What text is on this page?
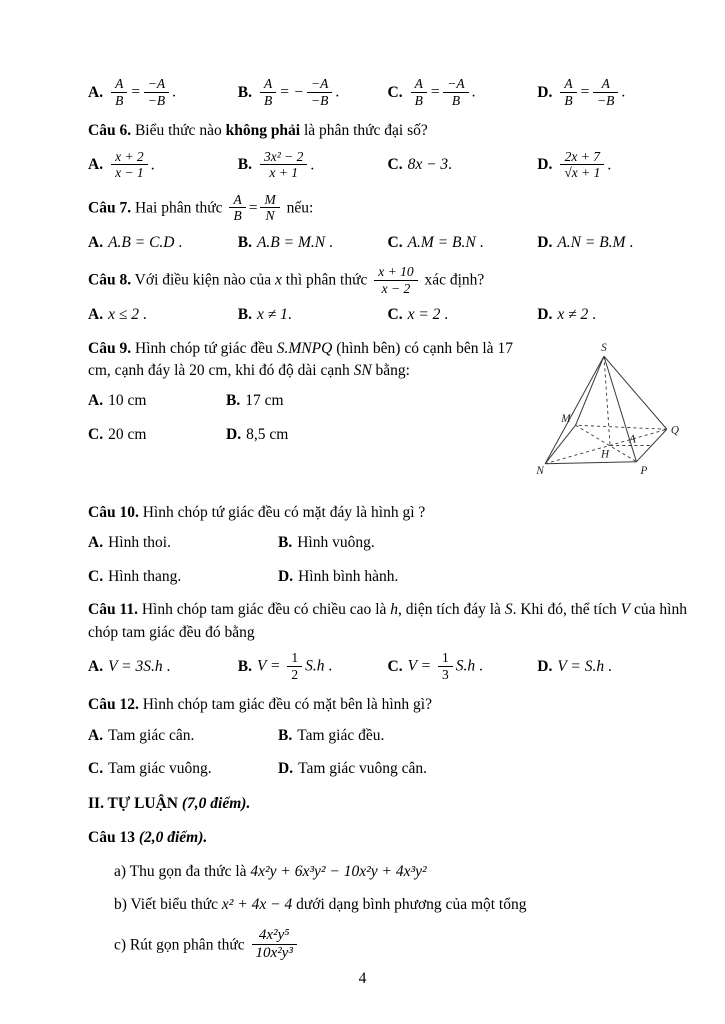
A. $\frac{A}{B} = \frac{-A}{-B}$ .	B. $\frac{A}{B}$ = − $\frac{-A}{-B}$ .	C. $\frac{A}{B} = \frac{-A}{B}$ .	D. $\frac{A}{B} = \frac{A}{-B}$ .
Câu 6. Biểu thức nào không phải là phân thức đại số?
A. $\frac{x + 2}{x - 1}$ .	B. $\frac{\text{3x² − 2}}{x + 1}$ .	C. 8x − 3.	D. $\frac{2x + 7}{√x + 1}$ .
Câu 7. Hai phân thức $\frac{A}{B} = \frac{M}{N}$ nếu:
A. A.B = C.D .	B. A.B = M.N .	C. A.M = B.N .	D. A.N = B.M .
Câu 8. Với điều kiện nào của x thì phân thức $\frac{x + 10}{x - 2}$ xác định?
A. x ≤ 2 .	B. x ≠ 1.	C. x = 2 .	D. x ≠ 2 .
S
M
Q
N	P
H
A
Câu 9. Hình chóp tứ giác đều S.MNPQ (hình bên) có cạnh bên là 17 cm, cạnh đáy là 20 cm, khi đó độ dài cạnh SN bằng:
A. 10 cm	B. 17 cm
C. 20 cm	D. 8,5 cm
Câu 10. Hình chóp tứ giác đều có mặt đáy là hình gì ?
A. Hình thoi.	B. Hình vuông.
C. Hình thang.	D. Hình bình hành.
Câu 11. Hình chóp tam giác đều có chiều cao là h, diện tích đáy là S. Khi đó, thể tích V của hình chóp tam giác đều đó bằng
A. V = 3S.h .	B. $V = \frac{1}{2} S.h$ .	C. $V = \frac{1}{3} S.h$ .	D. V = S.h .
Câu 12. Hình chóp tam giác đều có mặt bên là hình gì?
A. Tam giác cân.	B. Tam giác đều.
C. Tam giác vuông.	D. Tam giác vuông cân.
II. TỰ LUẬN (7,0 điểm).
Câu 13 (2,0 điểm).
a) Thu gọn đa thức là 4x²y + 6x³y² − 10x²y + 4x³y²
b) Viết biểu thức x² + 4x − 4 dưới dạng bình phương của một tổng
c) Rút gọn phân thức $\frac{\text{4x²y⁵}}{\text{10x²y³}}$
4
